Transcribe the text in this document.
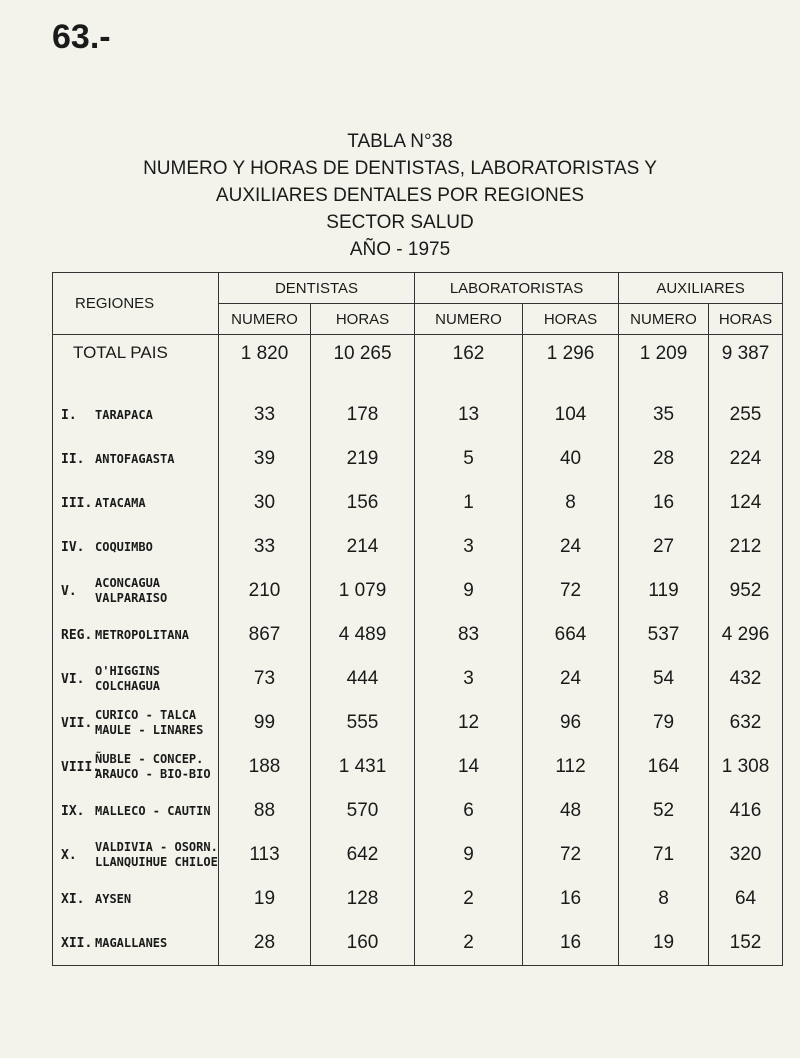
63.-
TABLA N°38
NUMERO Y HORAS DE DENTISTAS, LABORATORISTAS Y
AUXILIARES DENTALES POR REGIONES
SECTOR SALUD
AÑO - 1975
REGIONES	DENTISTAS		LABORATORISTAS		AUXILIARES	
	NUMERO	HORAS	NUMERO	HORAS	NUMERO	HORAS
TOTAL PAIS	1 820	10 265	162	1 296	1 209	9 387

I. TARAPACA	33	178	13	104	35	255

II. ANTOFAGASTA	39	219	5	40	28	224

III. ATACAMA	30	156	1	8	16	124

IV. COQUIMBO	33	214	3	24	27	212

V.
ACONCAGUA
VALPARAISO	210	1 079	9	72	119	952

REG. METROPOLITANA	867	4 489	83	664	537	4 296

VI.
O'HIGGINS
COLCHAGUA	73	444	3	24	54	432

VII.
CURICO - TALCA
MAULE - LINARES	99	555	12	96	79	632

VIII.
ÑUBLE - CONCEP.
ARAUCO - BIO-BIO	188	1 431	14	112	164	1 308

IX. MALLECO - CAUTIN	88	570	6	48	52	416

X.
VALDIVIA - OSORN.
LLANQUIHUE CHILOE	113	642	9	72	71	320

XI. AYSEN	19	128	2	16	8	64

XII. MAGALLANES	28	160	2	16	19	152
